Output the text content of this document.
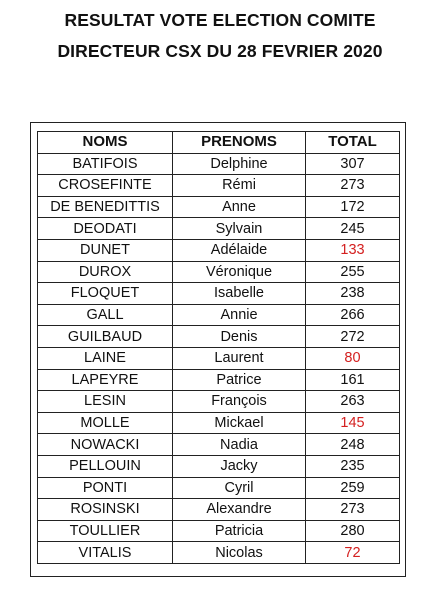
RESULTAT VOTE ELECTION COMITE
DIRECTEUR CSX DU 28 FEVRIER 2020
NOMS	PRENOMS	TOTAL
BATIFOIS	Delphine	307
CROSEFINTE	Rémi	273
DE BENEDITTIS	Anne	172
DEODATI	Sylvain	245
DUNET	Adélaide	133
DUROX	Véronique	255
FLOQUET	Isabelle	238
GALL	Annie	266
GUILBAUD	Denis	272
LAINE	Laurent	80
LAPEYRE	Patrice	161
LESIN	François	263
MOLLE	Mickael	145
NOWACKI	Nadia	248
PELLOUIN	Jacky	235
PONTI	Cyril	259
ROSINSKI	Alexandre	273
TOULLIER	Patricia	280
VITALIS	Nicolas	72
